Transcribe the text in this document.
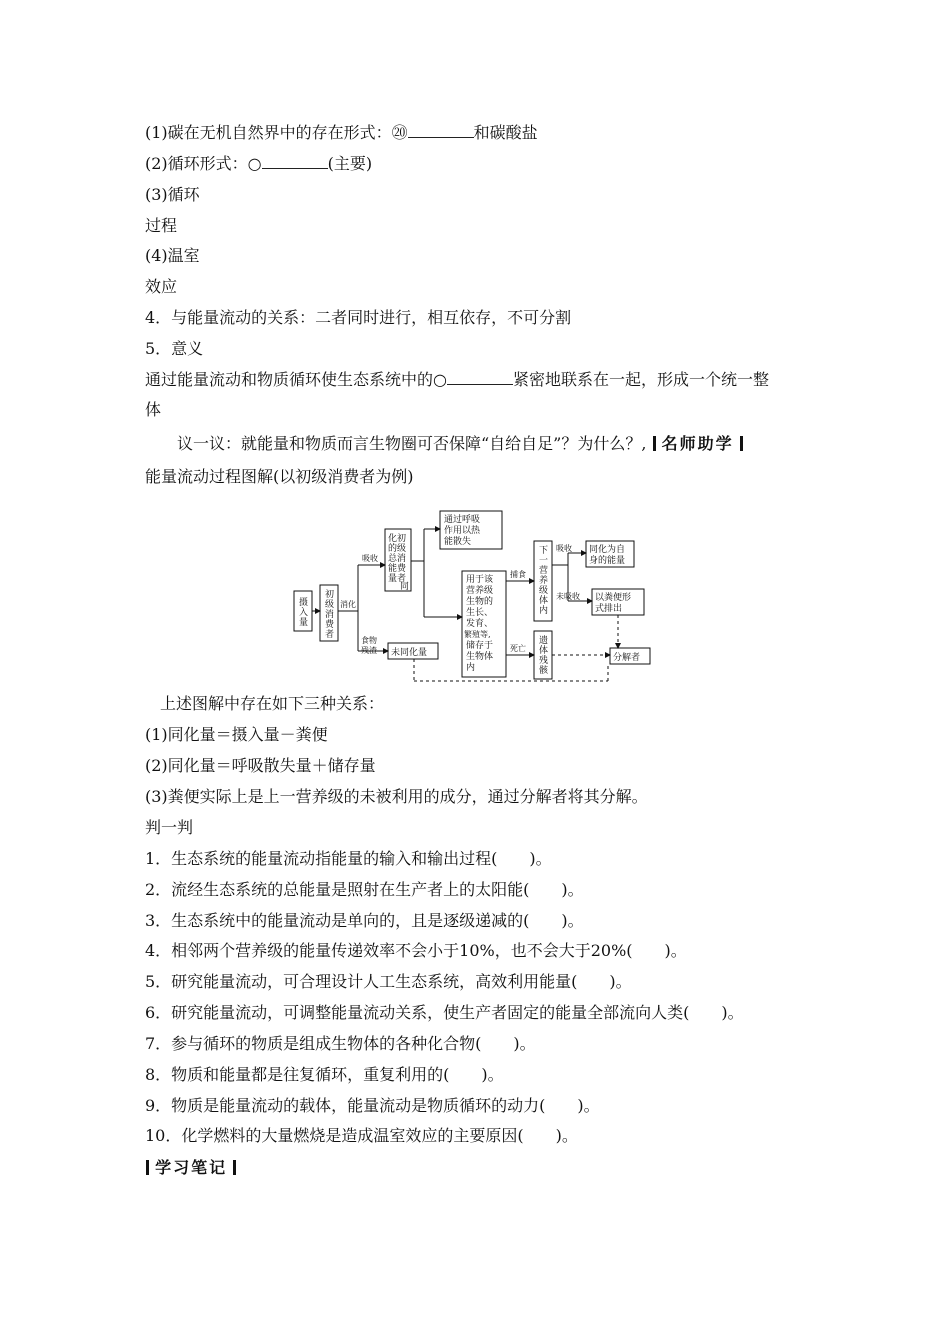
(1)碳在无机自然界中的存在形式：⑳	和碳酸盐
(2)循环形式：○	(主要)
(3)循环
过程
(4)温室
效应
4．与能量流动的关系：二者同时进行，相互依存，不可分割
5．意义
通过能量流动和物质循环使生态系统中的○	紧密地联系在一起，形成一个统一整
体
议一议：就能量和物质而言生物圈可否保障“自给自足”？为什么？, 名师助学
能量流动过程图解(以初级消费者为例)
摄入量
初
级
消
费
者
消化
吸收
化初
的级
总消
能费
量者
同
通过呼吸
作用以热
能散失
用于该
营养级
生物的
生长、
发育、
繁殖等,
储存于
生物体
内
捕食
下
一
营
养
级
体
内
吸收 同化为自
身的能量
未吸收 以粪便形
式排出
死亡
遗
体
残
骸
分解者
食物
残渣 未同化量
上述图解中存在如下三种关系：
(1)同化量＝摄入量－粪便
(2)同化量＝呼吸散失量＋储存量
(3)粪便实际上是上一营养级的未被利用的成分，通过分解者将其分解。
判一判
1．生态系统的能量流动指能量的输入和输出过程(　　)。
2．流经生态系统的总能量是照射在生产者上的太阳能(　　)。
3．生态系统中的能量流动是单向的，且是逐级递减的(　　)。
4．相邻两个营养级的能量传递效率不会小于10%，也不会大于20%(　　)。
5．研究能量流动，可合理设计人工生态系统，高效利用能量(　　)。
6．研究能量流动，可调整能量流动关系，使生产者固定的能量全部流向人类(　　)。
7．参与循环的物质是组成生物体的各种化合物(　　)。
8．物质和能量都是往复循环，重复利用的(　　)。
9．物质是能量流动的载体，能量流动是物质循环的动力(　　)。
10．化学燃料的大量燃烧是造成温室效应的主要原因(　　)。
学习笔记
